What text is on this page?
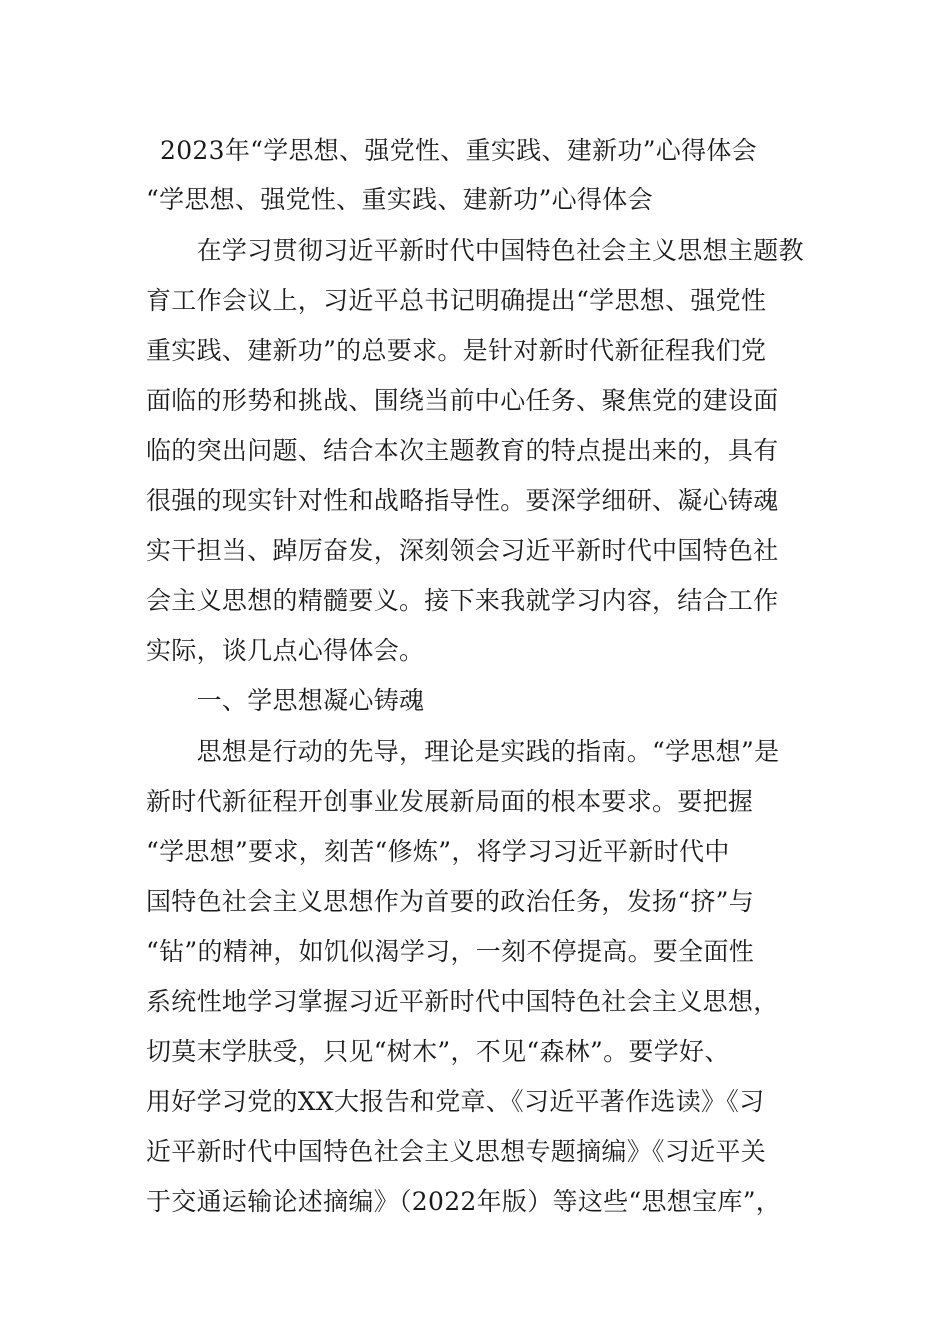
2023年“学思想、强党性、重实践、建新功”心得体会
“学思想、强党性、重实践、建新功”心得体会
　　在学习贯彻习近平新时代中国特色社会主义思想主题教
育工作会议上，习近平总书记明确提出“学思想、强党性
重实践、建新功”的总要求。是针对新时代新征程我们党
面临的形势和挑战、围绕当前中心任务、聚焦党的建设面
临的突出问题、结合本次主题教育的特点提出来的，具有
很强的现实针对性和战略指导性。要深学细研、凝心铸魂
实干担当、踔厉奋发，深刻领会习近平新时代中国特色社
会主义思想的精髓要义。接下来我就学习内容，结合工作
实际，谈几点心得体会。
　　一、学思想凝心铸魂
　　思想是行动的先导，理论是实践的指南。“学思想”是
新时代新征程开创事业发展新局面的根本要求。要把握
“学思想”要求，刻苦“修炼”，将学习习近平新时代中
国特色社会主义思想作为首要的政治任务，发扬“挤”与
“钻”的精神，如饥似渴学习，一刻不停提高。要全面性
系统性地学习掌握习近平新时代中国特色社会主义思想，
切莫末学肤受，只见“树木”，不见“森林”。要学好、
用好学习党的XX大报告和党章、《习近平著作选读》《习
近平新时代中国特色社会主义思想专题摘编》《习近平关
于交通运输论述摘编》（2022年版）等这些“思想宝库”，
